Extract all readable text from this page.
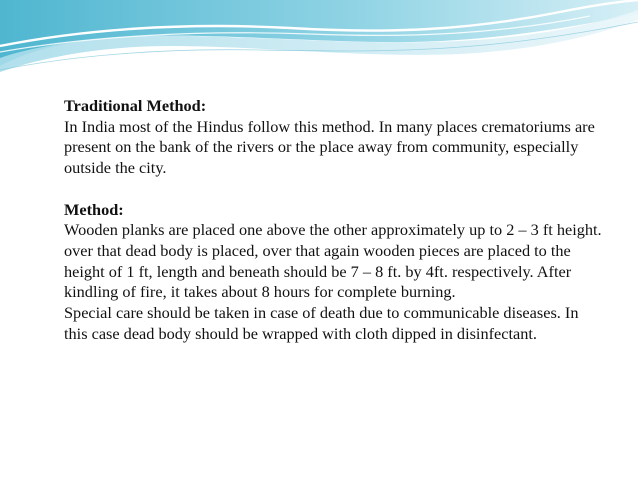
Traditional Method:

In India most of the Hindus follow this method. In many places crematoriums are present on the bank of the rivers or the place away from community, especially outside the city.

Method:

Wooden planks are placed one above the other approximately up to 2 – 3 ft height. over that dead body is placed, over that again wooden pieces are placed to the height of 1 ft, length and beneath should be 7 – 8 ft. by 4ft. respectively. After kindling of fire, it takes about 8 hours for complete burning.

Special care should be taken in case of death due to communicable diseases. In this case dead body should be wrapped with cloth dipped in disinfectant.
